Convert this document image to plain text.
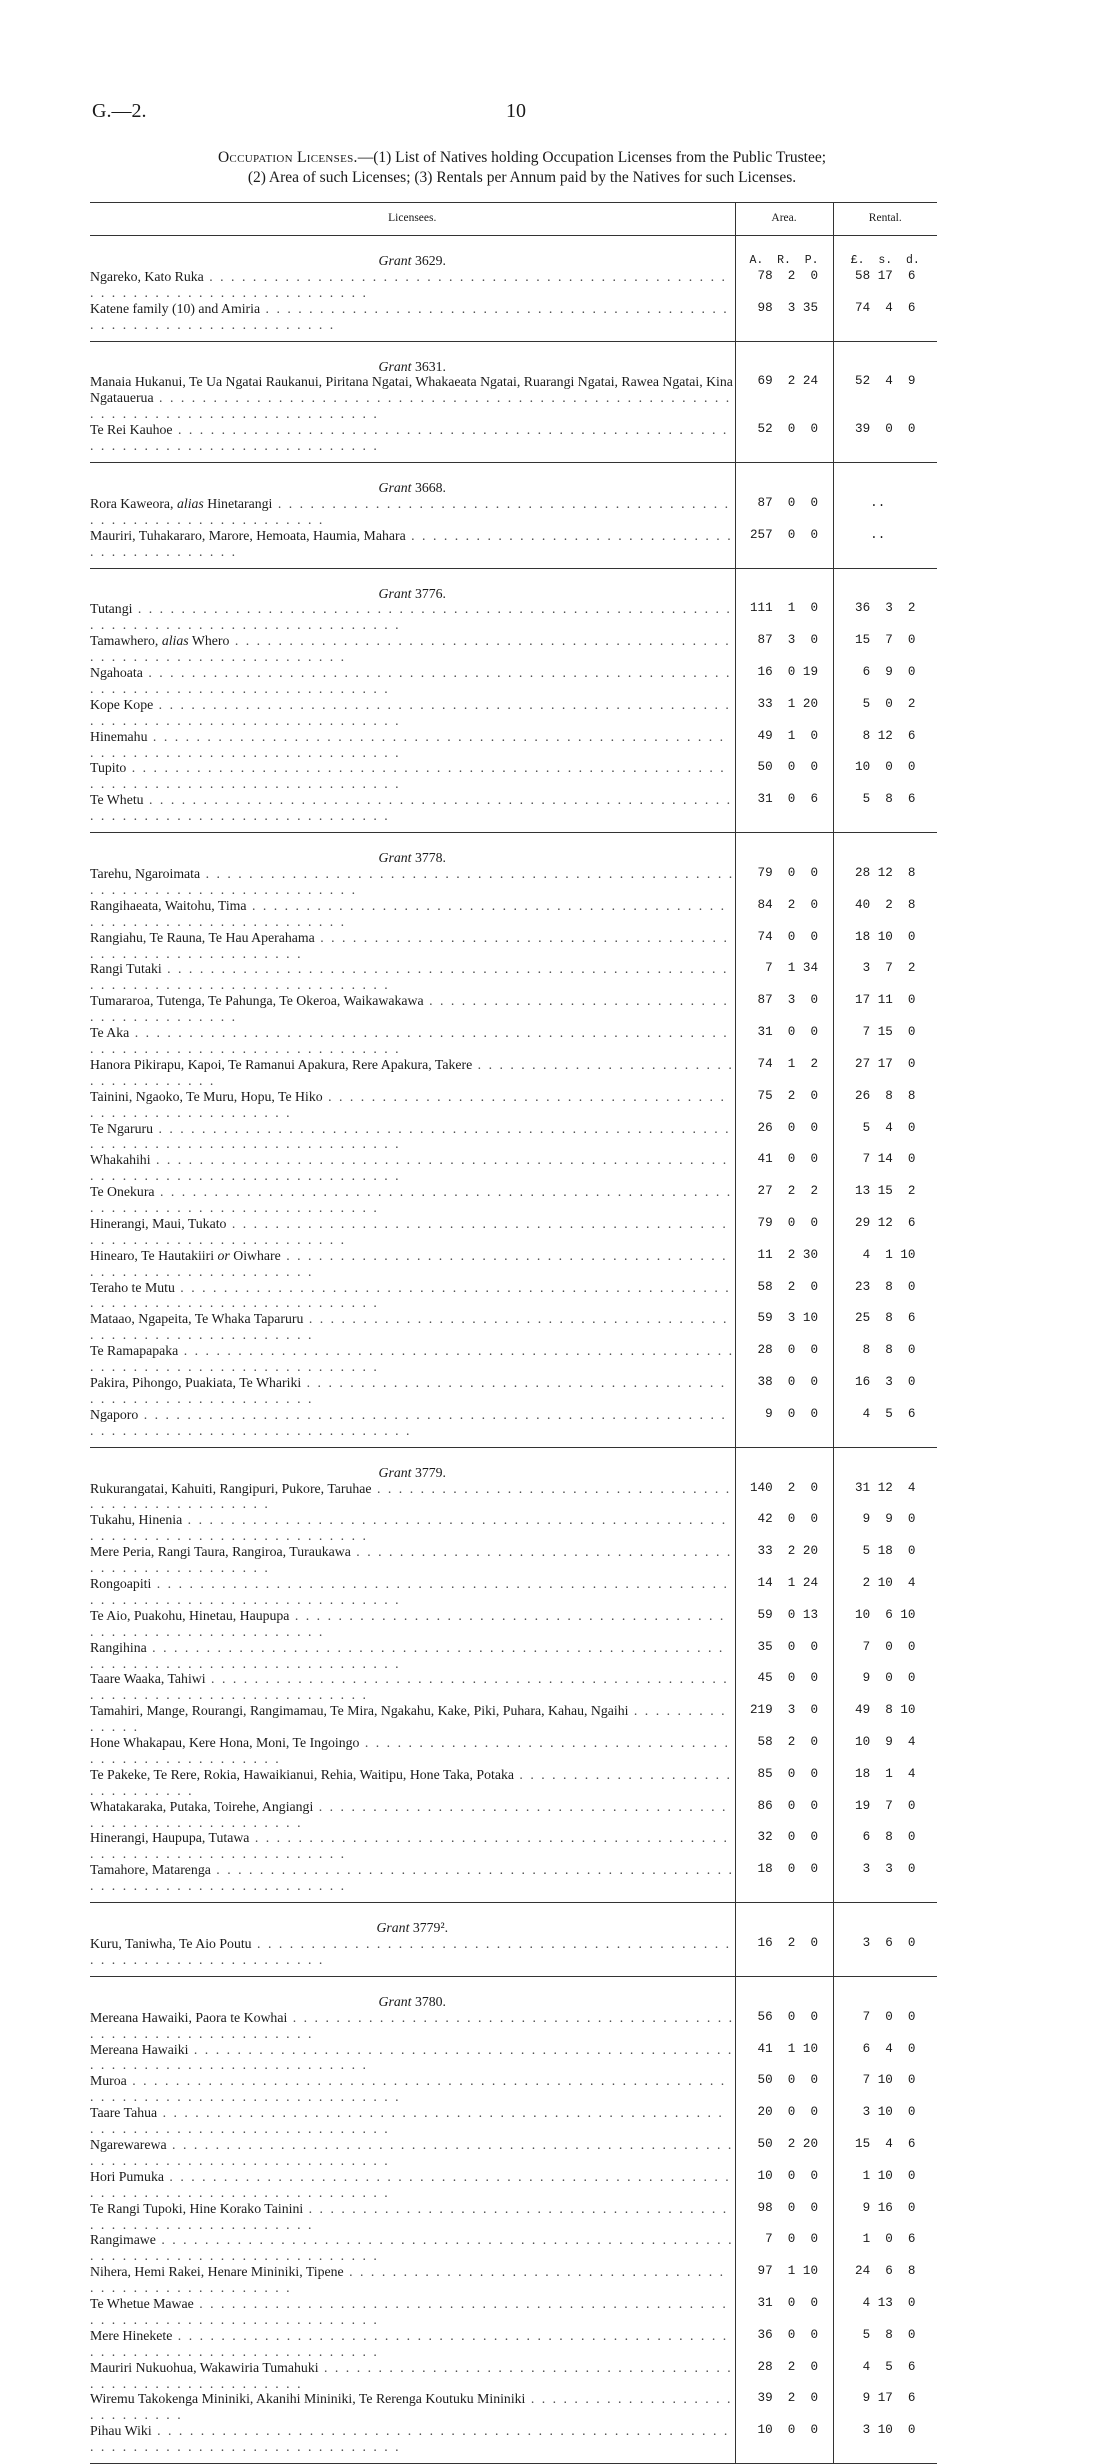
G.—2.	10
Occupation Licenses.—(1) List of Natives holding Occupation Licenses from the Public Trustee;
(2) Area of such Licenses; (3) Rentals per Annum paid by the Natives for such Licenses.
Licensees.	Area.	Rental.
Grant 3629.	A.  R.  P.	£.  s.  d.
Ngareko, Kato Ruka . . . . . . . . . . . . . . . . . . . . . . . . . . . . . . . . . . . . . . . . . . . . . . . . . . . . . . . . . . . . . . . . . . . . . . . . . .	78  2  0	58 17  6
Katene family (10) and Amiria . . . . . . . . . . . . . . . . . . . . . . . . . . . . . . . . . . . . . . . . . . . . . . . . . . . . . . . . . . . . . . . . . .	98  3 35	74  4  6
Grant 3631.		
Manaia Hukanui, Te Ua Ngatai Raukanui, Piritana Ngatai, Whakaeata Ngatai, Ruarangi Ngatai, Rawea Ngatai, Kina Ngatauerua . . . . . . . . . . . . . . . . . . . . . . . . . . . . . . . . . . . . . . . . . . . . . . . . . . . . . . . . . . . . . . . . . . . . . . . . . . . . . . . .	69  2 24	52  4  9
Te Rei Kauhoe . . . . . . . . . . . . . . . . . . . . . . . . . . . . . . . . . . . . . . . . . . . . . . . . . . . . . . . . . . . . . . . . . . . . . . . . . . . . . .	52  0  0	39  0  0
Grant 3668.		
Rora Kaweora, alias Hinetarangi . . . . . . . . . . . . . . . . . . . . . . . . . . . . . . . . . . . . . . . . . . . . . . . . . . . . . . . . . . . . . . . .	87  0  0	..
Mauriri, Tuhakararo, Marore, Hemoata, Haumia, Mahara . . . . . . . . . . . . . . . . . . . . . . . . . . . . . . . . . . . . . . . . . . . .	257  0  0	..
Grant 3776.		
Tutangi . . . . . . . . . . . . . . . . . . . . . . . . . . . . . . . . . . . . . . . . . . . . . . . . . . . . . . . . . . . . . . . . . . . . . . . . . . . . . . . . . . . .	111  1  0	36  3  2
Tamawhero, alias Whero . . . . . . . . . . . . . . . . . . . . . . . . . . . . . . . . . . . . . . . . . . . . . . . . . . . . . . . . . . . . . . . . . . . . . .	87  3  0	15  7  0
Ngahoata . . . . . . . . . . . . . . . . . . . . . . . . . . . . . . . . . . . . . . . . . . . . . . . . . . . . . . . . . . . . . . . . . . . . . . . . . . . . . . . . . .	16  0 19	6  9  0
Kope Kope . . . . . . . . . . . . . . . . . . . . . . . . . . . . . . . . . . . . . . . . . . . . . . . . . . . . . . . . . . . . . . . . . . . . . . . . . . . . . . . . . .	33  1 20	5  0  2
Hinemahu . . . . . . . . . . . . . . . . . . . . . . . . . . . . . . . . . . . . . . . . . . . . . . . . . . . . . . . . . . . . . . . . . . . . . . . . . . . . . . . . . .	49  1  0	8 12  6
Tupito . . . . . . . . . . . . . . . . . . . . . . . . . . . . . . . . . . . . . . . . . . . . . . . . . . . . . . . . . . . . . . . . . . . . . . . . . . . . . . . . . . . .	50  0  0	10  0  0
Te Whetu . . . . . . . . . . . . . . . . . . . . . . . . . . . . . . . . . . . . . . . . . . . . . . . . . . . . . . . . . . . . . . . . . . . . . . . . . . . . . . . . . .	31  0  6	5  8  6
Grant 3778.		
Tarehu, Ngaroimata . . . . . . . . . . . . . . . . . . . . . . . . . . . . . . . . . . . . . . . . . . . . . . . . . . . . . . . . . . . . . . . . . . . . . . . . . .	79  0  0	28 12  8
Rangihaeata, Waitohu, Tima . . . . . . . . . . . . . . . . . . . . . . . . . . . . . . . . . . . . . . . . . . . . . . . . . . . . . . . . . . . . . . . . . . . .	84  2  0	40  2  8
Rangiahu, Te Rauna, Te Hau Aperahama . . . . . . . . . . . . . . . . . . . . . . . . . . . . . . . . . . . . . . . . . . . . . . . . . . . . . . . . . .	74  0  0	18 10  0
Rangi Tutaki . . . . . . . . . . . . . . . . . . . . . . . . . . . . . . . . . . . . . . . . . . . . . . . . . . . . . . . . . . . . . . . . . . . . . . . . . . . . . . . .	7  1 34	3  7  2
Tumararoa, Tutenga, Te Pahunga, Te Okeroa, Waikawakawa . . . . . . . . . . . . . . . . . . . . . . . . . . . . . . . . . . . . . . . . . .	87  3  0	17 11  0
Te Aka . . . . . . . . . . . . . . . . . . . . . . . . . . . . . . . . . . . . . . . . . . . . . . . . . . . . . . . . . . . . . . . . . . . . . . . . . . . . . . . . . . . .	31  0  0	7 15  0
Hanora Pikirapu, Kapoi, Te Ramanui Apakura, Rere Apakura, Takere . . . . . . . . . . . . . . . . . . . . . . . . . . . . . . . . . . . .	74  1  2	27 17  0
Tainini, Ngaoko, Te Muru, Hopu, Te Hiko . . . . . . . . . . . . . . . . . . . . . . . . . . . . . . . . . . . . . . . . . . . . . . . . . . . . . . . .	75  2  0	26  8  8
Te Ngaruru . . . . . . . . . . . . . . . . . . . . . . . . . . . . . . . . . . . . . . . . . . . . . . . . . . . . . . . . . . . . . . . . . . . . . . . . . . . . . . . . . .	26  0  0	5  4  0
Whakahihi . . . . . . . . . . . . . . . . . . . . . . . . . . . . . . . . . . . . . . . . . . . . . . . . . . . . . . . . . . . . . . . . . . . . . . . . . . . . . . . . . .	41  0  0	7 14  0
Te Onekura . . . . . . . . . . . . . . . . . . . . . . . . . . . . . . . . . . . . . . . . . . . . . . . . . . . . . . . . . . . . . . . . . . . . . . . . . . . . . . . .	27  2  2	13 15  2
Hinerangi, Maui, Tukato . . . . . . . . . . . . . . . . . . . . . . . . . . . . . . . . . . . . . . . . . . . . . . . . . . . . . . . . . . . . . . . . . . . . . .	79  0  0	29 12  6
Hinearo, Te Hautakiiri or Oiwhare . . . . . . . . . . . . . . . . . . . . . . . . . . . . . . . . . . . . . . . . . . . . . . . . . . . . . . . . . . . . . .	11  2 30	4  1 10
Teraho te Mutu . . . . . . . . . . . . . . . . . . . . . . . . . . . . . . . . . . . . . . . . . . . . . . . . . . . . . . . . . . . . . . . . . . . . . . . . . . . . . .	58  2  0	23  8  0
Mataao, Ngapeita, Te Whaka Taparuru . . . . . . . . . . . . . . . . . . . . . . . . . . . . . . . . . . . . . . . . . . . . . . . . . . . . . . . . . . . .	59  3 10	25  8  6
Te Ramapapaka . . . . . . . . . . . . . . . . . . . . . . . . . . . . . . . . . . . . . . . . . . . . . . . . . . . . . . . . . . . . . . . . . . . . . . . . . . . . . .	28  0  0	8  8  0
Pakira, Pihongo, Puakiata, Te Whariki . . . . . . . . . . . . . . . . . . . . . . . . . . . . . . . . . . . . . . . . . . . . . . . . . . . . . . . . . . . .	38  0  0	16  3  0
Ngaporo . . . . . . . . . . . . . . . . . . . . . . . . . . . . . . . . . . . . . . . . . . . . . . . . . . . . . . . . . . . . . . . . . . . . . . . . . . . . . . . . . . . .	9  0  0	4  5  6
Grant 3779.		
Rukurangatai, Kahuiti, Rangipuri, Pukore, Taruhae . . . . . . . . . . . . . . . . . . . . . . . . . . . . . . . . . . . . . . . . . . . . . . . . . .	140  2  0	31 12  4
Tukahu, Hinenia . . . . . . . . . . . . . . . . . . . . . . . . . . . . . . . . . . . . . . . . . . . . . . . . . . . . . . . . . . . . . . . . . . . . . . . . . . . .	42  0  0	9  9  0
Mere Peria, Rangi Taura, Rangiroa, Turaukawa . . . . . . . . . . . . . . . . . . . . . . . . . . . . . . . . . . . . . . . . . . . . . . . . . . . .	33  2 20	5 18  0
Rongoapiti . . . . . . . . . . . . . . . . . . . . . . . . . . . . . . . . . . . . . . . . . . . . . . . . . . . . . . . . . . . . . . . . . . . . . . . . . . . . . . . . . .	14  1 24	2 10  4
Te Aio, Puakohu, Hinetau, Haupupa . . . . . . . . . . . . . . . . . . . . . . . . . . . . . . . . . . . . . . . . . . . . . . . . . . . . . . . . . . . . . .	59  0 13	10  6 10
Rangihina . . . . . . . . . . . . . . . . . . . . . . . . . . . . . . . . . . . . . . . . . . . . . . . . . . . . . . . . . . . . . . . . . . . . . . . . . . . . . . . . . .	35  0  0	7  0  0
Taare Waaka, Tahiwi . . . . . . . . . . . . . . . . . . . . . . . . . . . . . . . . . . . . . . . . . . . . . . . . . . . . . . . . . . . . . . . . . . . . . . . . . .	45  0  0	9  0  0
Tamahiri, Mange, Rourangi, Rangimamau, Te Mira, Ngakahu, Kake, Piki, Puhara, Kahau, Ngaihi . . . . . . . . . . . . . .	219  3  0	49  8 10
Hone Whakapau, Kere Hona, Moni, Te Ingoingo . . . . . . . . . . . . . . . . . . . . . . . . . . . . . . . . . . . . . . . . . . . . . . . . . . . .	58  2  0	10  9  4
Te Pakeke, Te Rere, Rokia, Hawaikianui, Rehia, Waitipu, Hone Taka, Potaka . . . . . . . . . . . . . . . . . . . . . . . . . . . . . .	85  0  0	18  1  4
Whatakaraka, Putaka, Toirehe, Angiangi . . . . . . . . . . . . . . . . . . . . . . . . . . . . . . . . . . . . . . . . . . . . . . . . . . . . . . . . . .	86  0  0	19  7  0
Hinerangi, Haupupa, Tutawa . . . . . . . . . . . . . . . . . . . . . . . . . . . . . . . . . . . . . . . . . . . . . . . . . . . . . . . . . . . . . . . . . . . .	32  0  0	6  8  0
Tamahore, Matarenga . . . . . . . . . . . . . . . . . . . . . . . . . . . . . . . . . . . . . . . . . . . . . . . . . . . . . . . . . . . . . . . . . . . . . . . .	18  0  0	3  3  0
Grant 3779².		
Kuru, Taniwha, Te Aio Poutu . . . . . . . . . . . . . . . . . . . . . . . . . . . . . . . . . . . . . . . . . . . . . . . . . . . . . . . . . . . . . . . . . .	16  2  0	3  6  0
Grant 3780.		
Mereana Hawaiki, Paora te Kowhai . . . . . . . . . . . . . . . . . . . . . . . . . . . . . . . . . . . . . . . . . . . . . . . . . . . . . . . . . . . . . .	56  0  0	7  0  0
Mereana Hawaiki . . . . . . . . . . . . . . . . . . . . . . . . . . . . . . . . . . . . . . . . . . . . . . . . . . . . . . . . . . . . . . . . . . . . . . . . . . . .	41  1 10	6  4  0
Muroa . . . . . . . . . . . . . . . . . . . . . . . . . . . . . . . . . . . . . . . . . . . . . . . . . . . . . . . . . . . . . . . . . . . . . . . . . . . . . . . . . . . .	50  0  0	7 10  0
Taare Tahua . . . . . . . . . . . . . . . . . . . . . . . . . . . . . . . . . . . . . . . . . . . . . . . . . . . . . . . . . . . . . . . . . . . . . . . . . . . . . . . .	20  0  0	3 10  0
Ngarewarewa . . . . . . . . . . . . . . . . . . . . . . . . . . . . . . . . . . . . . . . . . . . . . . . . . . . . . . . . . . . . . . . . . . . . . . . . . . . . . . . .	50  2 20	15  4  6
Hori Pumuka . . . . . . . . . . . . . . . . . . . . . . . . . . . . . . . . . . . . . . . . . . . . . . . . . . . . . . . . . . . . . . . . . . . . . . . . . . . . . . . .	10  0  0	1 10  0
Te Rangi Tupoki, Hine Korako Tainini . . . . . . . . . . . . . . . . . . . . . . . . . . . . . . . . . . . . . . . . . . . . . . . . . . . . . . . . . . . .	98  0  0	9 16  0
Rangimawe . . . . . . . . . . . . . . . . . . . . . . . . . . . . . . . . . . . . . . . . . . . . . . . . . . . . . . . . . . . . . . . . . . . . . . . . . . . . . . . .	7  0  0	1  0  6
Nihera, Hemi Rakei, Henare Mininiki, Tipene . . . . . . . . . . . . . . . . . . . . . . . . . . . . . . . . . . . . . . . . . . . . . . . . . . . . . .	97  1 10	24  6  8
Te Whetue Mawae . . . . . . . . . . . . . . . . . . . . . . . . . . . . . . . . . . . . . . . . . . . . . . . . . . . . . . . . . . . . . . . . . . . . . . . . . . . .	31  0  0	4 13  0
Mere Hinekete . . . . . . . . . . . . . . . . . . . . . . . . . . . . . . . . . . . . . . . . . . . . . . . . . . . . . . . . . . . . . . . . . . . . . . . . . . . . . .	36  0  0	5  8  0
Mauriri Nukuohua, Wakawiria Tumahuki . . . . . . . . . . . . . . . . . . . . . . . . . . . . . . . . . . . . . . . . . . . . . . . . . . . . . . . . . .	28  2  0	4  5  6
Wiremu Takokenga Mininiki, Akanihi Mininiki, Te Rerenga Koutuku Mininiki . . . . . . . . . . . . . . . . . . . . . . . . . . . .	39  2  0	9 17  6
Pihau Wiki . . . . . . . . . . . . . . . . . . . . . . . . . . . . . . . . . . . . . . . . . . . . . . . . . . . . . . . . . . . . . . . . . . . . . . . . . . . . . . . . . .	10  0  0	3 10  0
